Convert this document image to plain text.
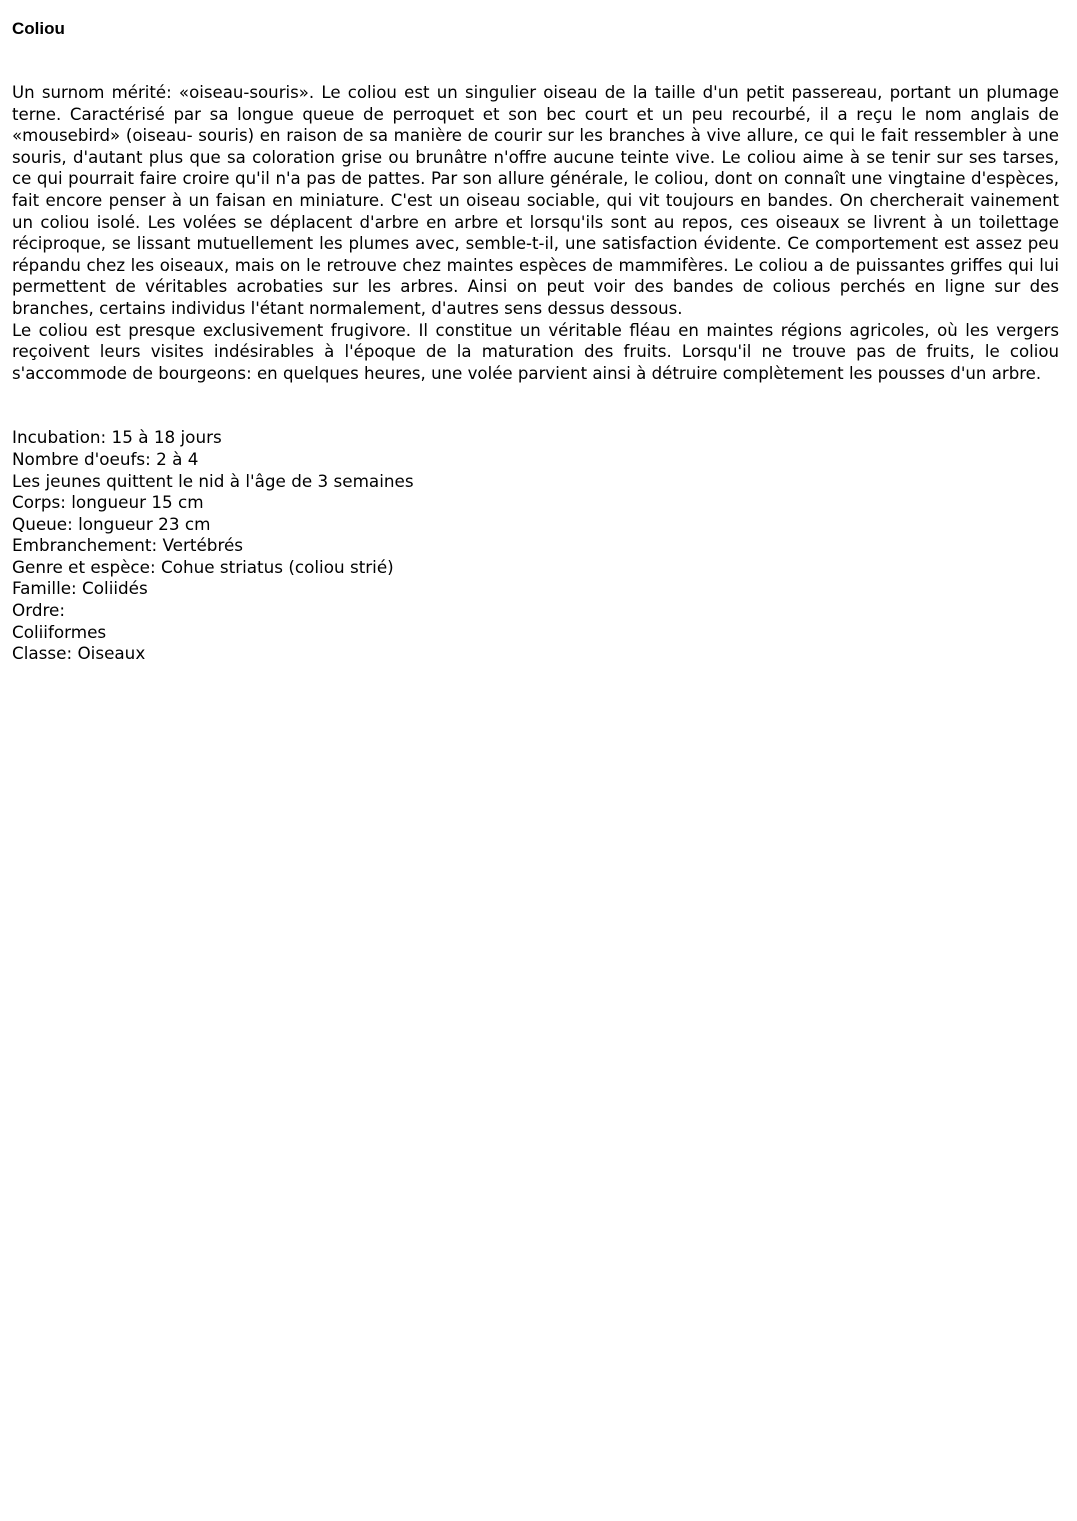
Coliou

Un surnom mérité: «oiseau-souris». Le coliou est un singulier oiseau de la taille d'un petit passereau, portant un plumage terne. Caractérisé par sa longue queue de perroquet et son bec court et un peu recourbé, il a reçu le nom anglais de «mousebird» (oiseau- souris) en raison de sa manière de courir sur les branches à vive allure, ce qui le fait ressembler à une souris, d'autant plus que sa coloration grise ou brunâtre n'offre aucune teinte vive. Le coliou aime à se tenir sur ses tarses, ce qui pourrait faire croire qu'il n'a pas de pattes. Par son allure générale, le coliou, dont on connaît une vingtaine d'espèces, fait encore penser à un faisan en miniature. C'est un oiseau sociable, qui vit toujours en bandes. On chercherait vainement un coliou isolé. Les volées se déplacent d'arbre en arbre et lorsqu'ils sont au repos, ces oiseaux se livrent à un toilettage réciproque, se lissant mutuellement les plumes avec, semble-t-il, une satisfaction évidente. Ce comportement est assez peu répandu chez les oiseaux, mais on le retrouve chez maintes espèces de mammifères. Le coliou a de puissantes griffes qui lui permettent de véritables acrobaties sur les arbres. Ainsi on peut voir des bandes de colious perchés en ligne sur des branches, certains individus l'étant normalement, d'autres sens dessus dessous.

Le coliou est presque exclusivement frugivore. Il constitue un véritable fléau en maintes régions agricoles, où les vergers reçoivent leurs visites indésirables à l'époque de la maturation des fruits. Lorsqu'il ne trouve pas de fruits, le coliou s'accommode de bourgeons: en quelques heures, une volée parvient ainsi à détruire complètement les pousses d'un arbre.

Incubation: 15 à 18 jours
Nombre d'oeufs: 2 à 4
Les jeunes quittent le nid à l'âge de 3 semaines
Corps: longueur 15 cm
Queue: longueur 23 cm
Embranchement: Vertébrés
Genre et espèce: Cohue striatus (coliou strié)
Famille: Coliidés
Ordre:
Coliiformes
Classe: Oiseaux
